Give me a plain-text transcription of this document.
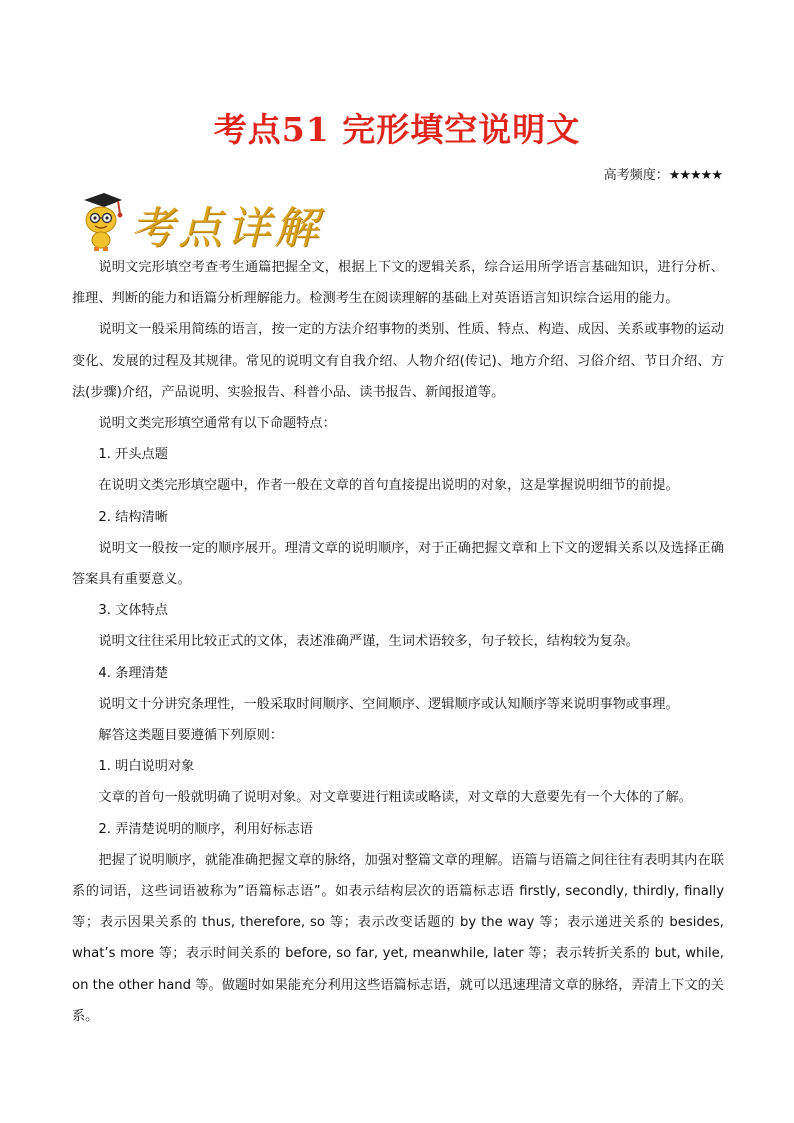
考点51 完形填空说明文
高考频度：★★★★★
考点详解

说明文完形填空考查考生通篇把握全文，根据上下文的逻辑关系，综合运用所学语言基础知识，进行分析、推理、判断的能力和语篇分析理解能力。检测考生在阅读理解的基础上对英语语言知识综合运用的能力。

说明文一般采用简练的语言，按一定的方法介绍事物的类别、性质、特点、构造、成因、关系或事物的运动变化、发展的过程及其规律。常见的说明文有自我介绍、人物介绍(传记)、地方介绍、习俗介绍、节日介绍、方法(步骤)介绍，产品说明、实验报告、科普小品、读书报告、新闻报道等。

说明文类完形填空通常有以下命题特点：

1. 开头点题

在说明文类完形填空题中，作者一般在文章的首句直接提出说明的对象，这是掌握说明细节的前提。

2. 结构清晰

说明文一般按一定的顺序展开。理清文章的说明顺序，对于正确把握文章和上下文的逻辑关系以及选择正确答案具有重要意义。

3. 文体特点

说明文往往采用比较正式的文体，表述准确严谨，生词术语较多，句子较长，结构较为复杂。

4. 条理清楚

说明文十分讲究条理性，一般采取时间顺序、空间顺序、逻辑顺序或认知顺序等来说明事物或事理。

解答这类题目要遵循下列原则：

1. 明白说明对象

文章的首句一般就明确了说明对象。对文章要进行粗读或略读，对文章的大意要先有一个大体的了解。

2. 弄清楚说明的顺序，利用好标志语

把握了说明顺序，就能准确把握文章的脉络，加强对整篇文章的理解。语篇与语篇之间往往有表明其内在联系的词语，这些词语被称为”语篇标志语”。如表示结构层次的语篇标志语 firstly, secondly, thirdly, finally 等；表示因果关系的 thus, therefore, so 等；表示改变话题的 by the way 等；表示递进关系的 besides, what’s more 等；表示时间关系的 before, so far, yet, meanwhile, later 等；表示转折关系的 but, while, on the other hand 等。做题时如果能充分利用这些语篇标志语，就可以迅速理清文章的脉络，弄清上下文的关系。
